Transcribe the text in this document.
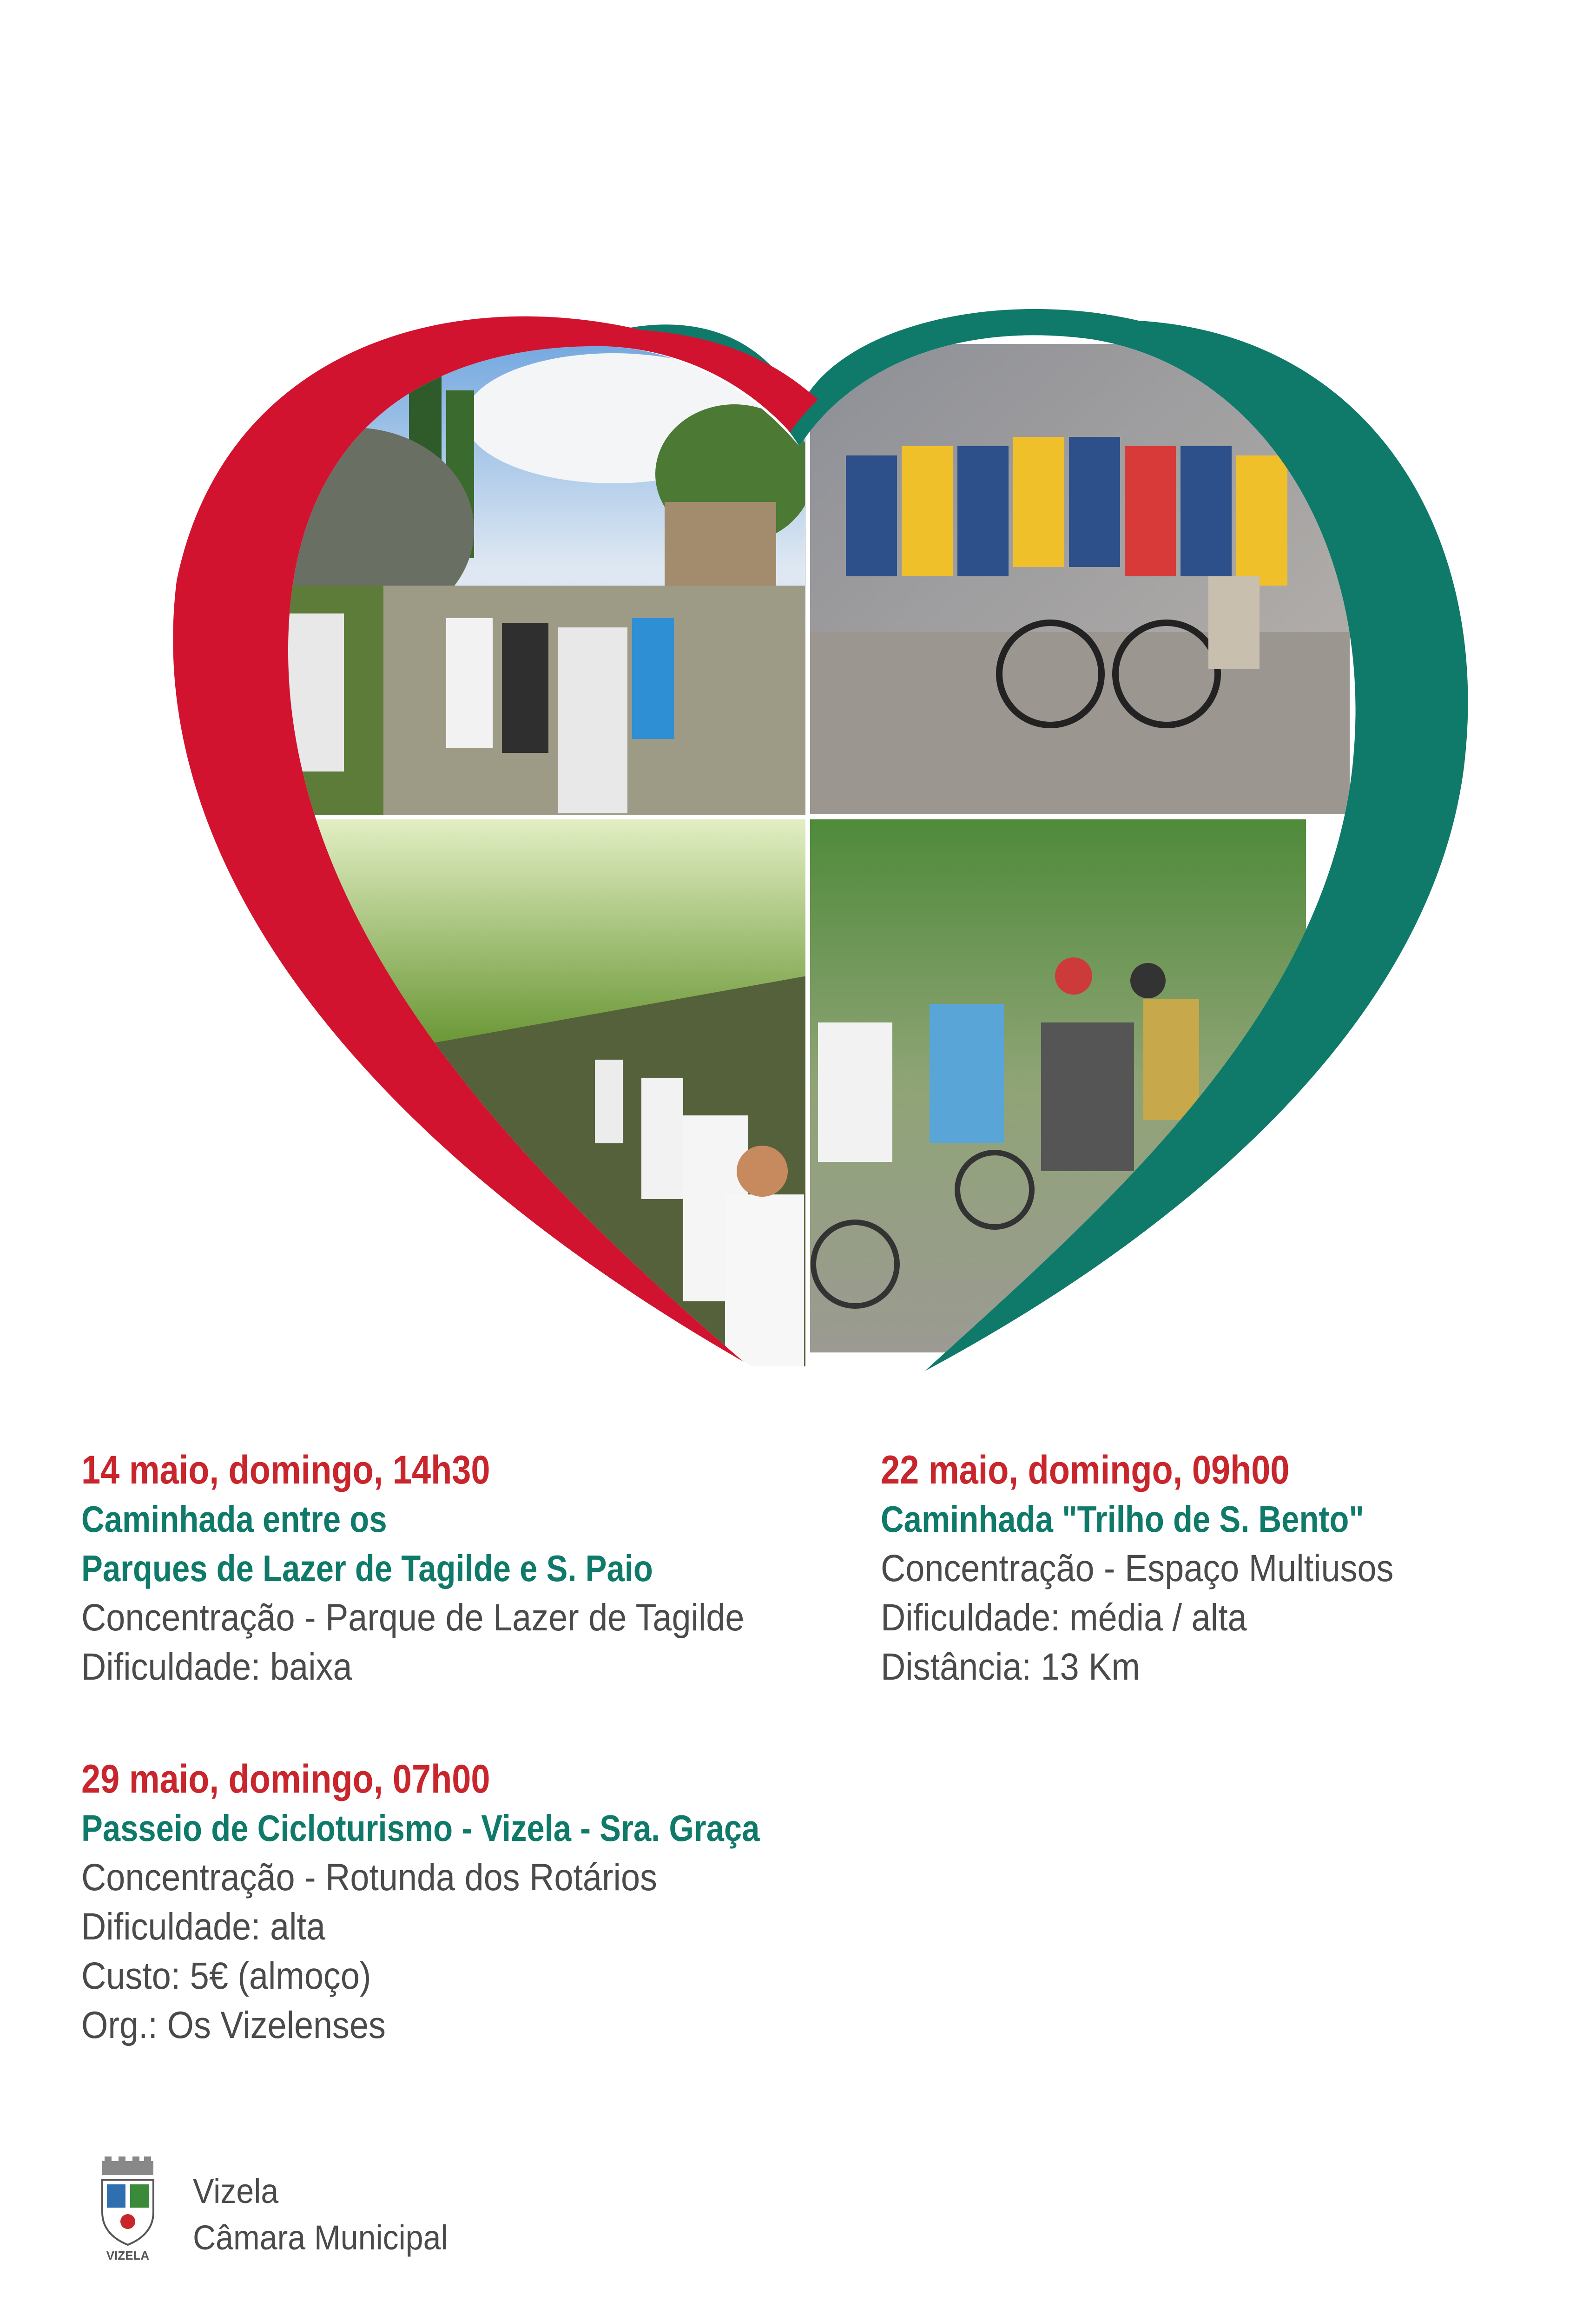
14 maio, domingo, 14h30

Caminhada entre os

Parques de Lazer de Tagilde e S. Paio

Concentração - Parque de Lazer de Tagilde

Dificuldade: baixa

22 maio, domingo, 09h00

Caminhada "Trilho de S. Bento"

Concentração - Espaço Multiusos

Dificuldade: média / alta

Distância: 13 Km

29 maio, domingo, 07h00

Passeio de Cicloturismo - Vizela - Sra. Graça

Concentração - Rotunda dos Rotários

Dificuldade: alta

Custo: 5€ (almoço)

Org.: Os Vizelenses

VIZELA

Vizela

Câmara Municipal
